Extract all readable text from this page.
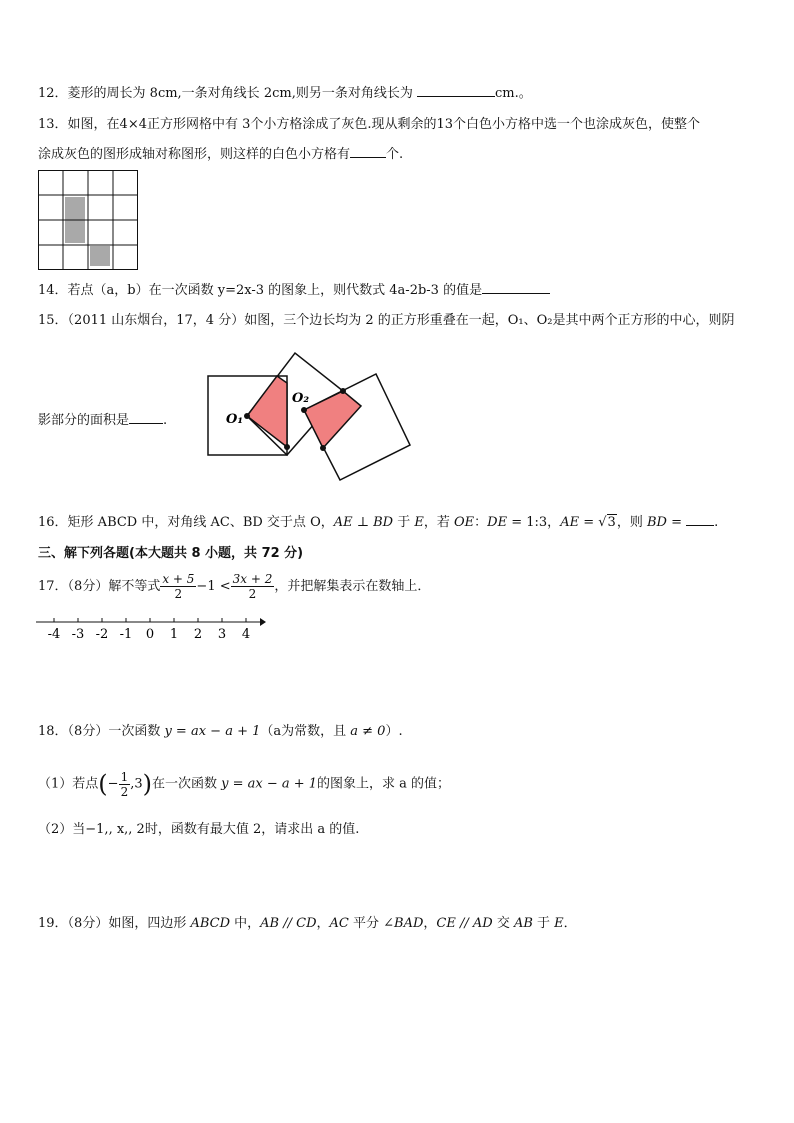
12．菱形的周长为 8cm,一条对角线长 2cm,则另一条对角线长为	cm.。
13．如图，在4×4正方形网格中有 3个小方格涂成了灰色.现从剩余的13个白色小方格中选一个也涂成灰色，使整个
涂成灰色的图形成轴对称图形，则这样的白色小方格有	个.
14．若点（a，b）在一次函数 y=2x-3 的图象上，则代数式 4a-2b-3 的值是
15．（2011 山东烟台，17，4 分）如图，三个边长均为 2 的正方形重叠在一起，O₁、O₂是其中两个正方形的中心，则阴
O₁
O₂
影部分的面积是	.
16．矩形 ABCD 中，对角线 AC、BD 交于点 O，AE ⊥ BD 于 E，若 OE：DE = 1:3，AE = √3，则 BD = .
三、解下列各题(本大题共 8 小题，共 72 分)
17．（8分）解不等式 $\frac{x + 5}{2} -1 < \frac{3x + 2}{2}$ ，并把解集表示在数轴上．
-4 -3 -2 -1 0 1 2 3 4
18．（8分）一次函数 y = ax − a + 1（a为常数，且 a ≠ 0）.
（1）若点(− $\frac{1}{2} ,3$)在一次函数 y = ax − a + 1的图象上，求 a 的值；
（2）当−1,, x,, 2时，函数有最大值 2，请求出 a 的值.
19．（8分）如图，四边形 ABCD 中，AB // CD，AC 平分 ∠BAD，CE // AD 交 AB 于 E．
